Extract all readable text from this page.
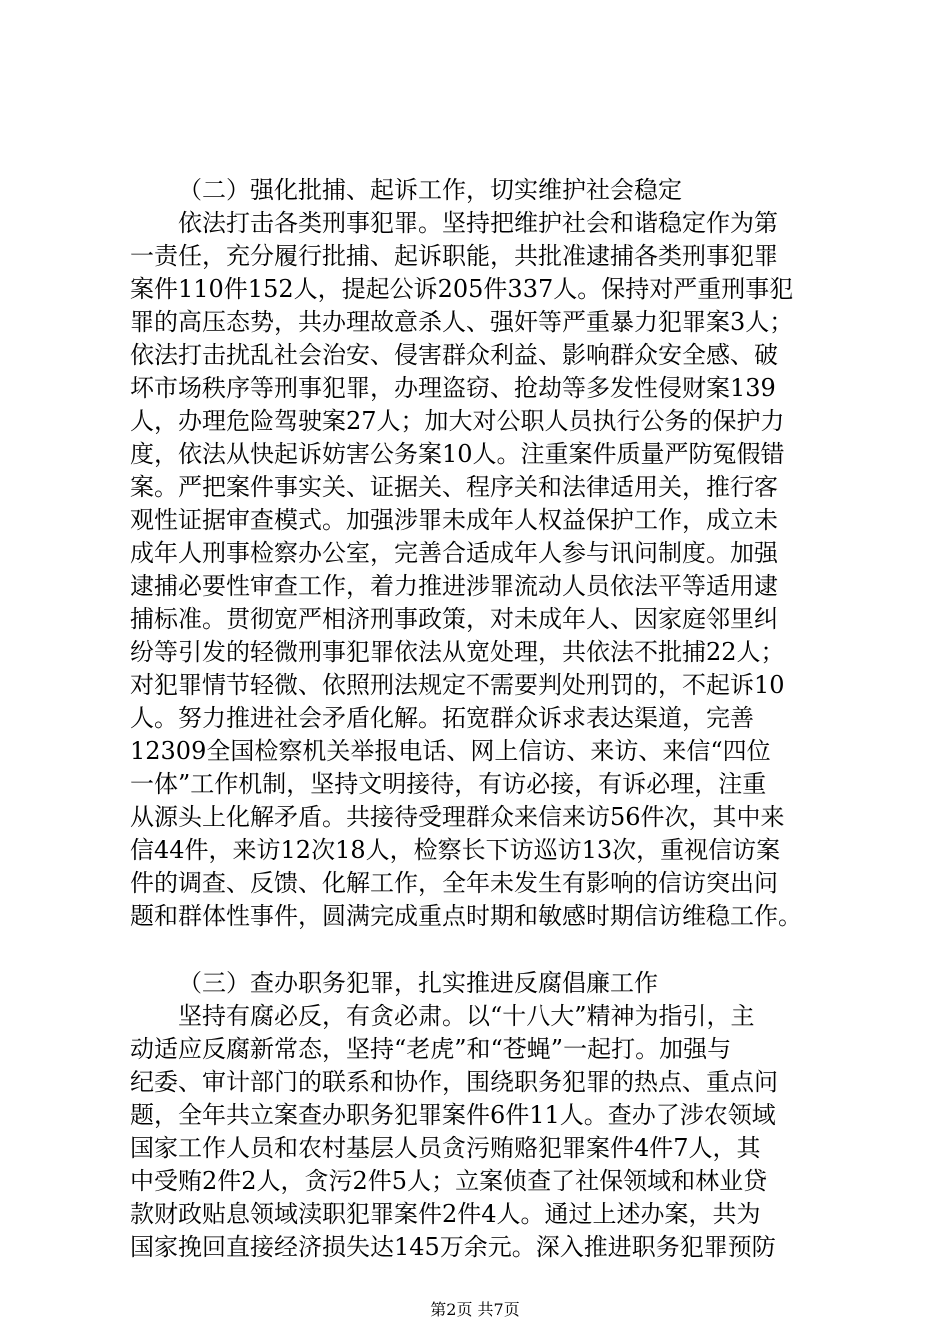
（二）强化批捕、起诉工作，切实维护社会稳定
依法打击各类刑事犯罪。坚持把维护社会和谐稳定作为第
一责任，充分履行批捕、起诉职能，共批准逮捕各类刑事犯罪
案件110件152人，提起公诉205件337人。保持对严重刑事犯
罪的高压态势，共办理故意杀人、强奸等严重暴力犯罪案3人；
依法打击扰乱社会治安、侵害群众利益、影响群众安全感、破
坏市场秩序等刑事犯罪，办理盗窃、抢劫等多发性侵财案139
人，办理危险驾驶案27人；加大对公职人员执行公务的保护力
度，依法从快起诉妨害公务案10人。注重案件质量严防冤假错
案。严把案件事实关、证据关、程序关和法律适用关，推行客
观性证据审查模式。加强涉罪未成年人权益保护工作，成立未
成年人刑事检察办公室，完善合适成年人参与讯问制度。加强
逮捕必要性审查工作，着力推进涉罪流动人员依法平等适用逮
捕标准。贯彻宽严相济刑事政策，对未成年人、因家庭邻里纠
纷等引发的轻微刑事犯罪依法从宽处理，共依法不批捕22人；
对犯罪情节轻微、依照刑法规定不需要判处刑罚的，不起诉10
人。努力推进社会矛盾化解。拓宽群众诉求表达渠道，完善
12309全国检察机关举报电话、网上信访、来访、来信“四位
一体”工作机制，坚持文明接待，有访必接，有诉必理，注重
从源头上化解矛盾。共接待受理群众来信来访56件次，其中来
信44件，来访12次18人，检察长下访巡访13次，重视信访案
件的调查、反馈、化解工作，全年未发生有影响的信访突出问
题和群体性事件，圆满完成重点时期和敏感时期信访维稳工作。
（三）查办职务犯罪，扎实推进反腐倡廉工作
坚持有腐必反，有贪必肃。以“十八大”精神为指引，主
动适应反腐新常态，坚持“老虎”和“苍蝇”一起打。加强与
纪委、审计部门的联系和协作，围绕职务犯罪的热点、重点问
题，全年共立案查办职务犯罪案件6件11人。查办了涉农领域
国家工作人员和农村基层人员贪污贿赂犯罪案件4件7人，其
中受贿2件2人，贪污2件5人；立案侦查了社保领域和林业贷
款财政贴息领域渎职犯罪案件2件4人。通过上述办案，共为
国家挽回直接经济损失达145万余元。深入推进职务犯罪预防
第2页 共7页
